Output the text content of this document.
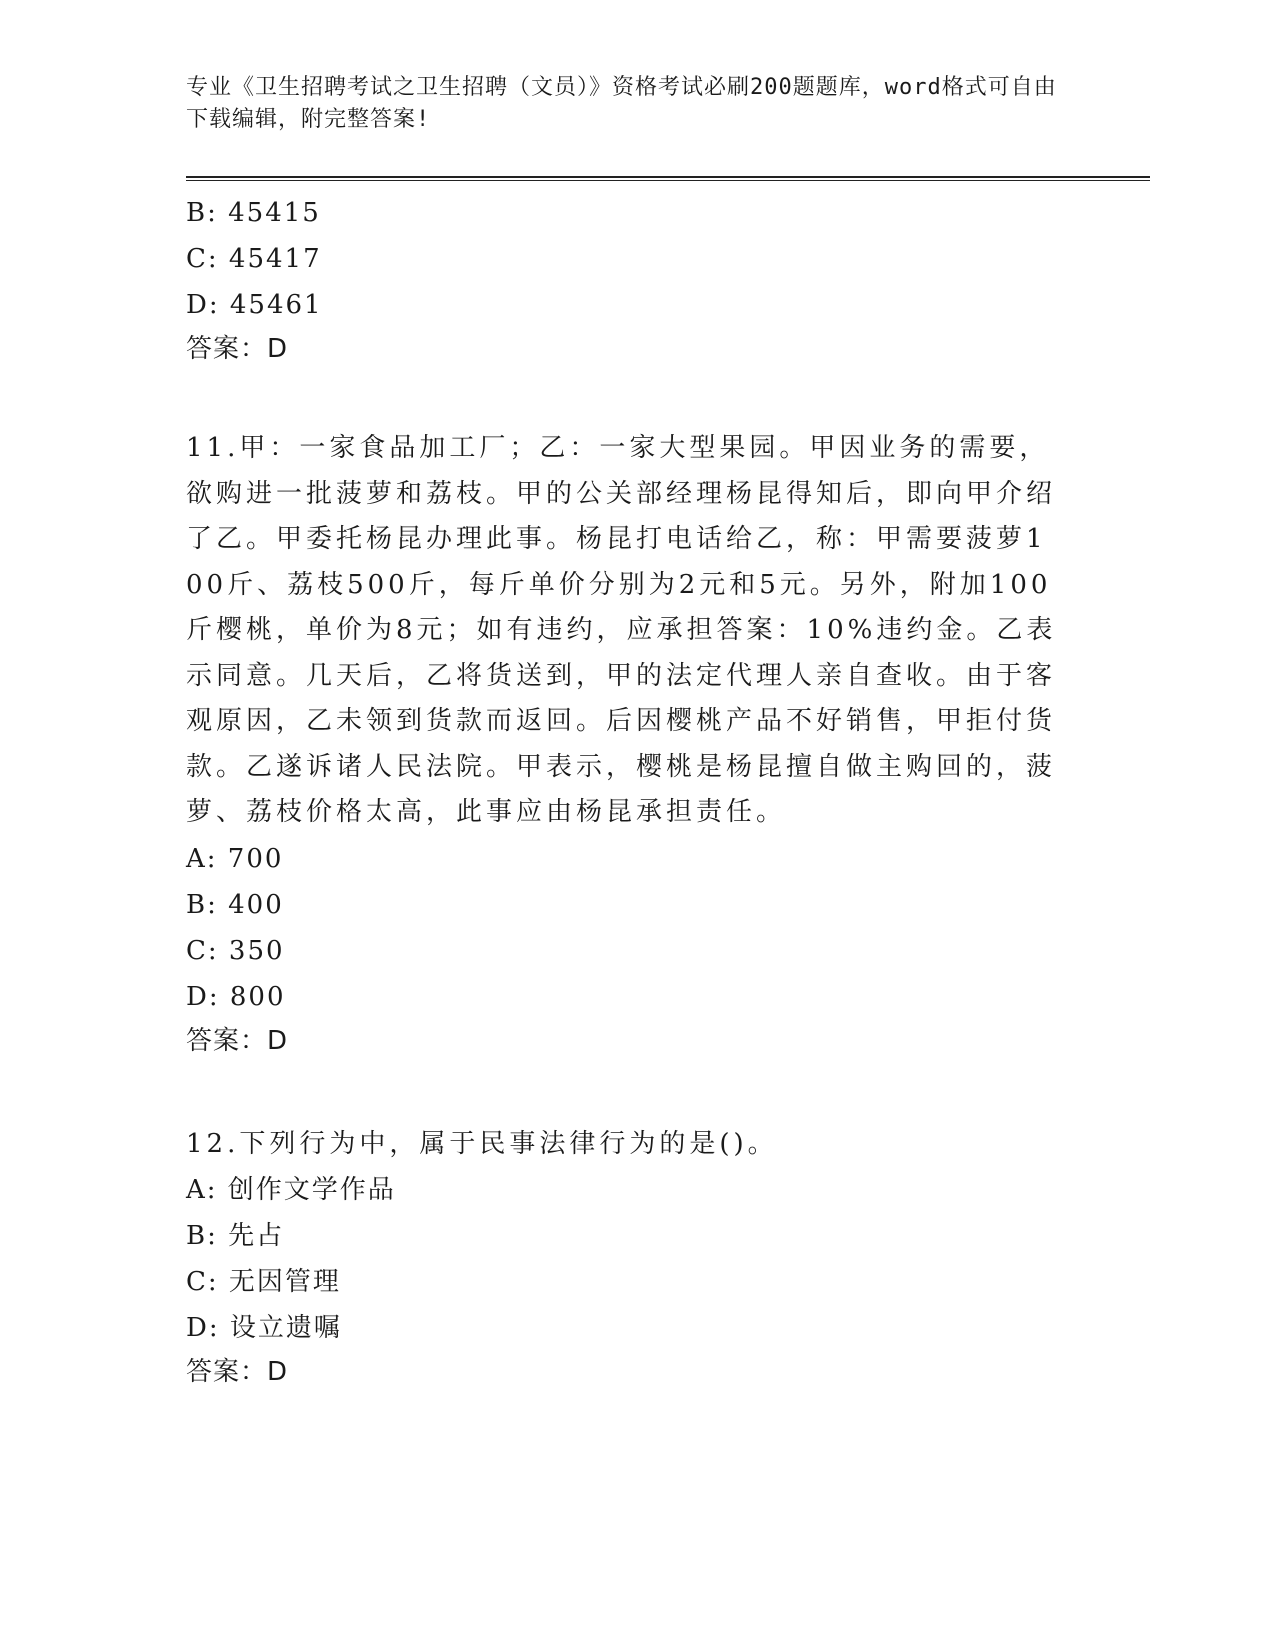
专业《卫生招聘考试之卫生招聘（文员）》资格考试必刷200题题库，word格式可自由下载编辑，附完整答案!
B: 45415
C: 45417
D: 45461
答案：D
11.甲：一家食品加工厂；乙：一家大型果园。甲因业务的需要，欲购进一批菠萝和荔枝。甲的公关部经理杨昆得知后，即向甲介绍了乙。甲委托杨昆办理此事。杨昆打电话给乙，称：甲需要菠萝100斤、荔枝500斤，每斤单价分别为2元和5元。另外，附加100斤樱桃，单价为8元；如有违约，应承担答案：10%违约金。乙表示同意。几天后，乙将货送到，甲的法定代理人亲自查收。由于客观原因，乙未领到货款而返回。后因樱桃产品不好销售，甲拒付货款。乙遂诉诸人民法院。甲表示，樱桃是杨昆擅自做主购回的，菠萝、荔枝价格太高，此事应由杨昆承担责任。
A: 700
B: 400
C: 350
D: 800
答案：D
12.下列行为中，属于民事法律行为的是()。
A: 创作文学作品
B: 先占
C: 无因管理
D: 设立遗嘱
答案：D
